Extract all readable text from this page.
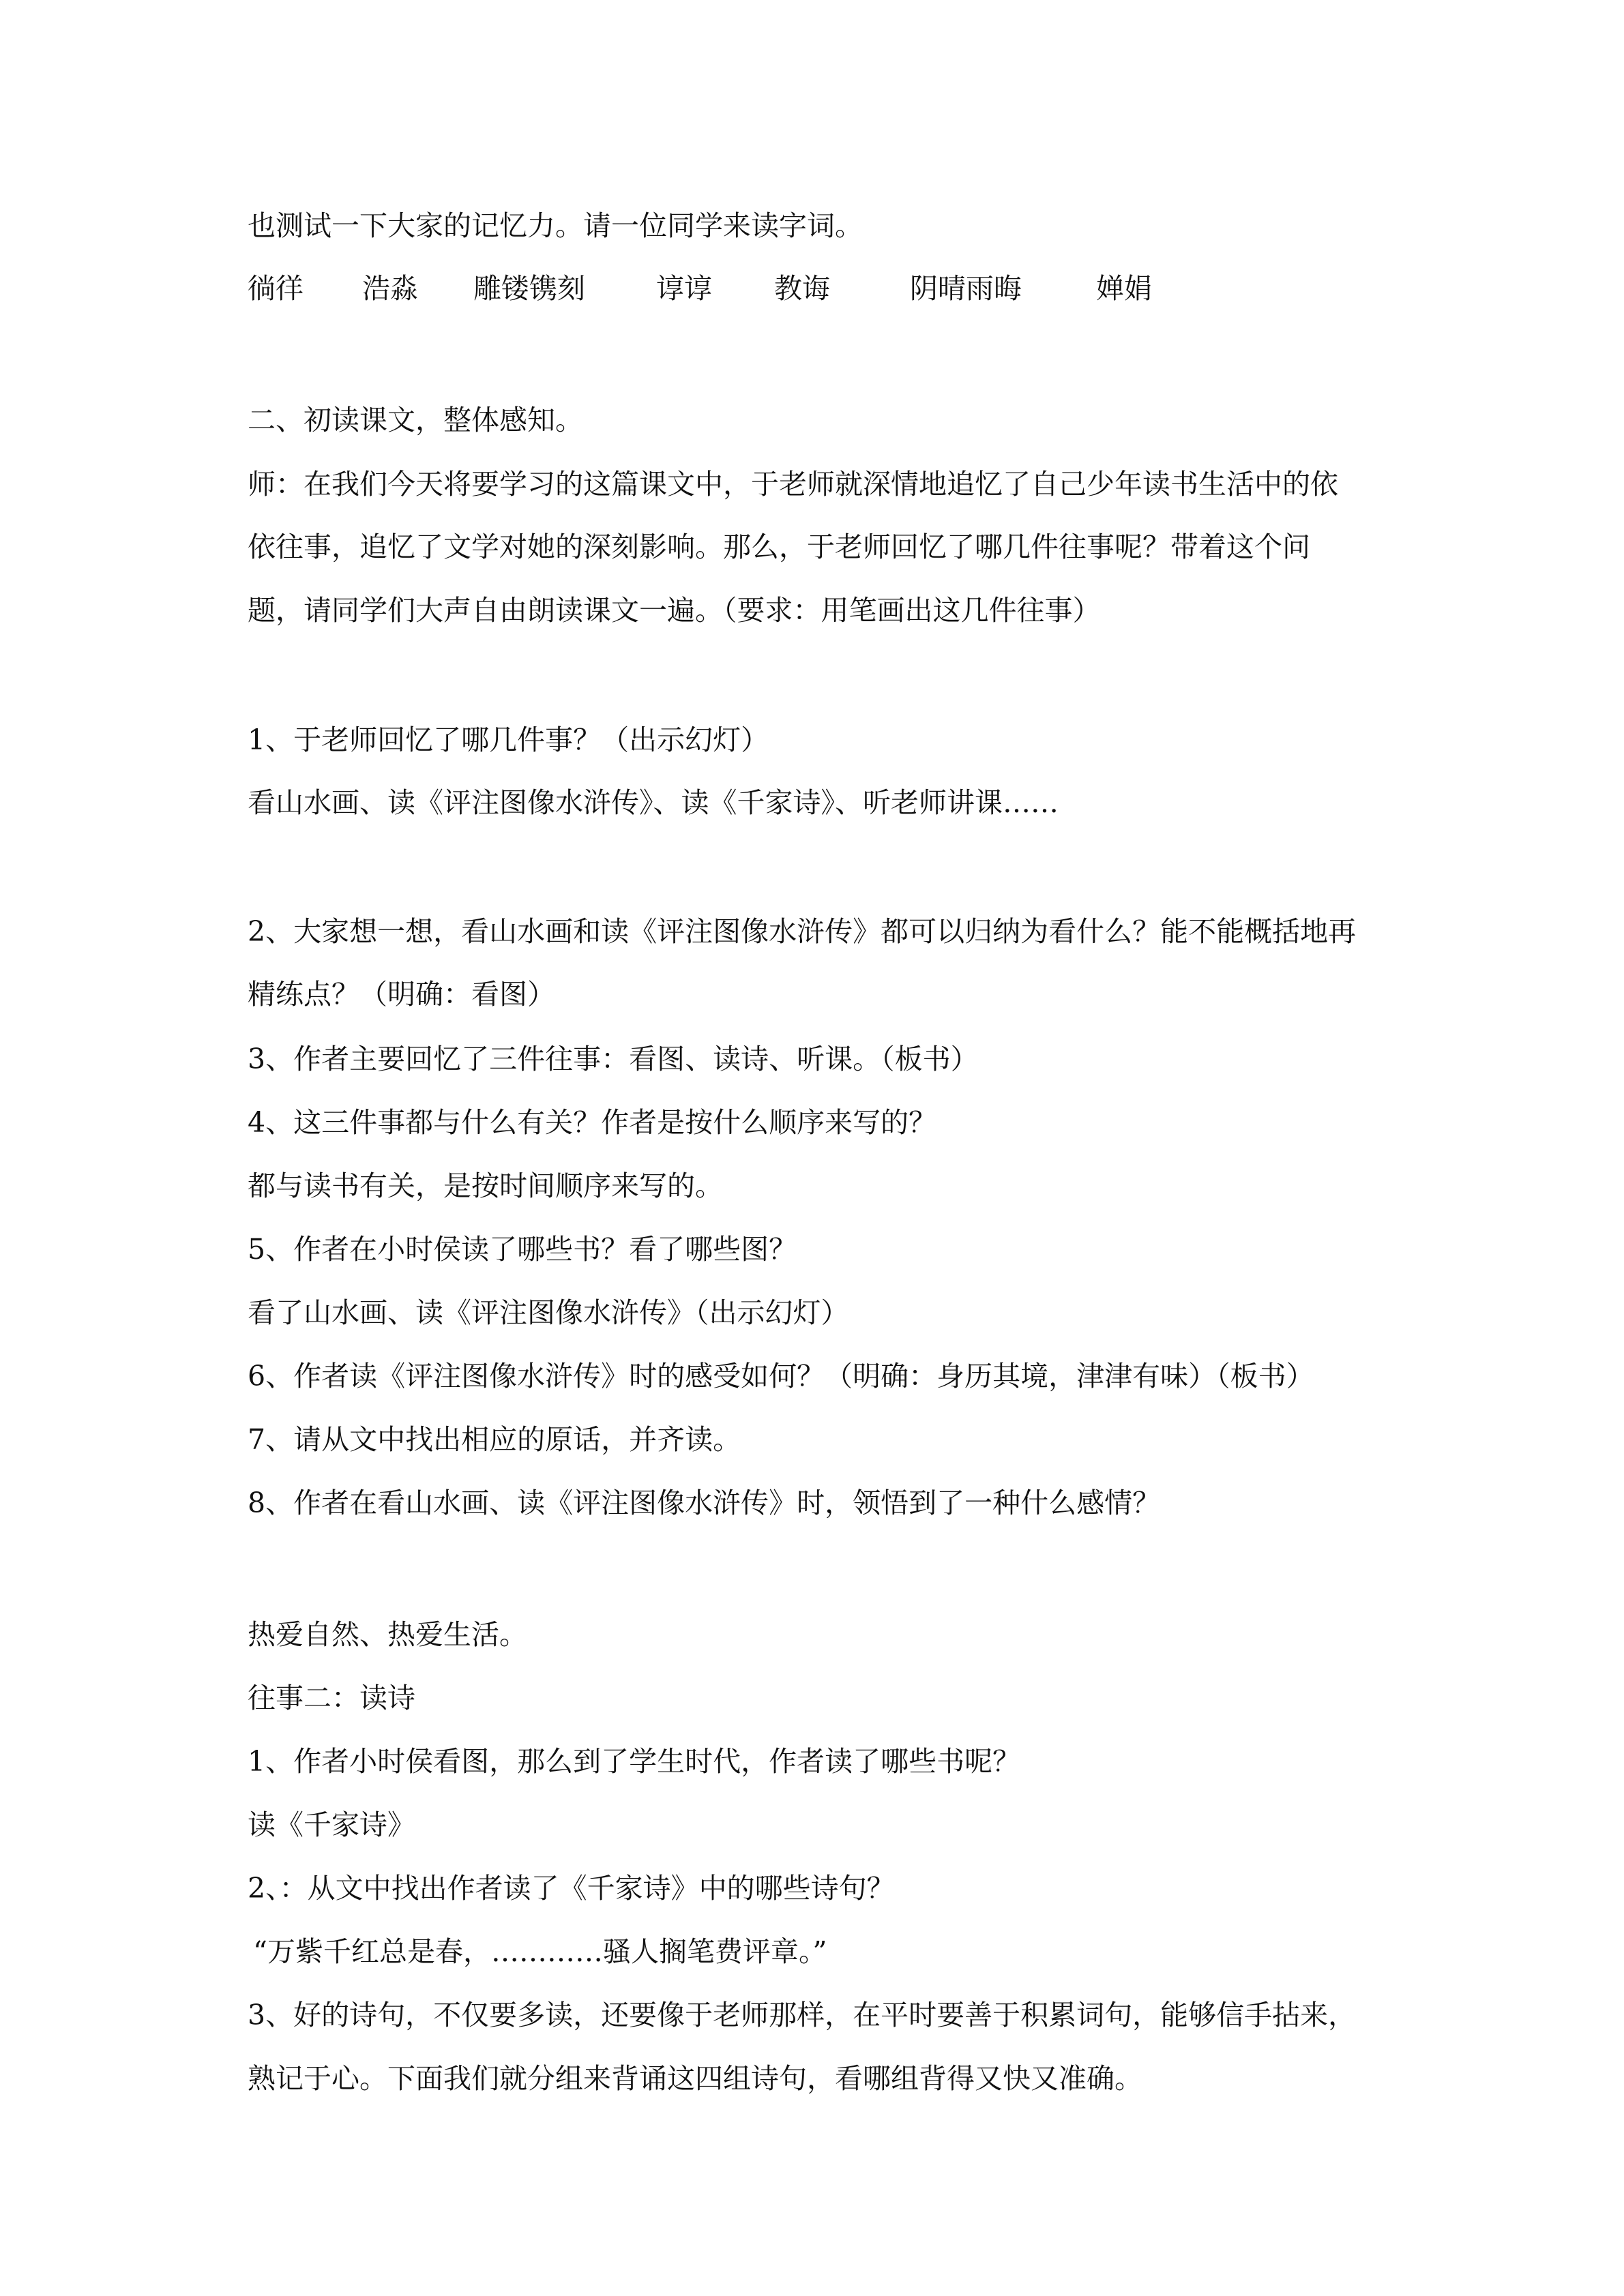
也测试一下大家的记忆力。请一位同学来读字词。

徜徉 浩淼 雕镂镌刻	谆谆 教诲	阴晴雨晦	婵娟

二、初读课文，整体感知。

师：在我们今天将要学习的这篇课文中，于老师就深情地追忆了自己少年读书生活中的依

依往事，追忆了文学对她的深刻影响。那么，于老师回忆了哪几件往事呢？带着这个问

题，请同学们大声自由朗读课文一遍。（要求：用笔画出这几件往事）

1、于老师回忆了哪几件事？（出示幻灯）

看山水画、读《评注图像水浒传》、读《千家诗》、听老师讲课……

2、大家想一想，看山水画和读《评注图像水浒传》都可以归纳为看什么？能不能概括地再

精练点？（明确：看图）

3、作者主要回忆了三件往事：看图、读诗、听课。（板书）

4、这三件事都与什么有关？作者是按什么顺序来写的？

都与读书有关，是按时间顺序来写的。

5、作者在小时侯读了哪些书？看了哪些图？

看了山水画、读《评注图像水浒传》（出示幻灯）

6、作者读《评注图像水浒传》时的感受如何？（明确：身历其境，津津有味）（板书）

7、请从文中找出相应的原话，并齐读。

8、作者在看山水画、读《评注图像水浒传》时，领悟到了一种什么感情？

热爱自然、热爱生活。

往事二：读诗

1、作者小时侯看图，那么到了学生时代，作者读了哪些书呢？

读《千家诗》

2、：从文中找出作者读了《千家诗》中的哪些诗句？

“万紫千红总是春，…………骚人搁笔费评章。”

3、好的诗句，不仅要多读，还要像于老师那样，在平时要善于积累词句，能够信手拈来，

熟记于心。下面我们就分组来背诵这四组诗句，看哪组背得又快又准确。
